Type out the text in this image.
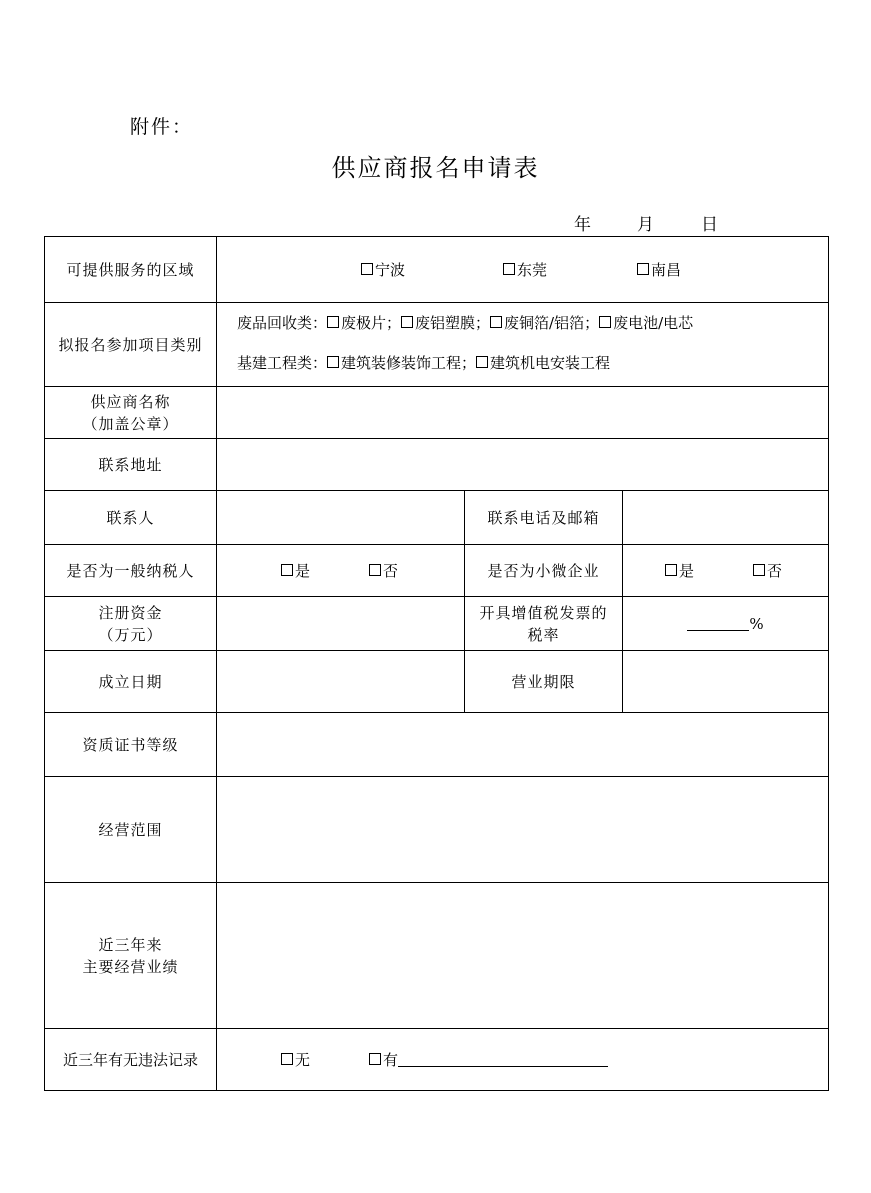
附件：
供应商报名申请表
年	月	日
可提供服务的区域	宁波 东莞 南昌		

拟报名参加项目类别	废品回收类： 废极片； 废铝塑膜； 废铜箔/铝箔； 废电池/电芯
基建工程类： 建筑装修装饰工程； 建筑机电安装工程		

供应商名称
（加盖公章）			

联系地址			
联系人		联系电话及邮箱	
是否为一般纳税人	是 否	是否为小微企业	是 否

注册资金
（万元）		开具增值税发票的
税率	%
成立日期		营业期限	
资质证书等级			
经营范围			

近三年来
主要经营业绩			

近三年有无违法记录	无 有		
